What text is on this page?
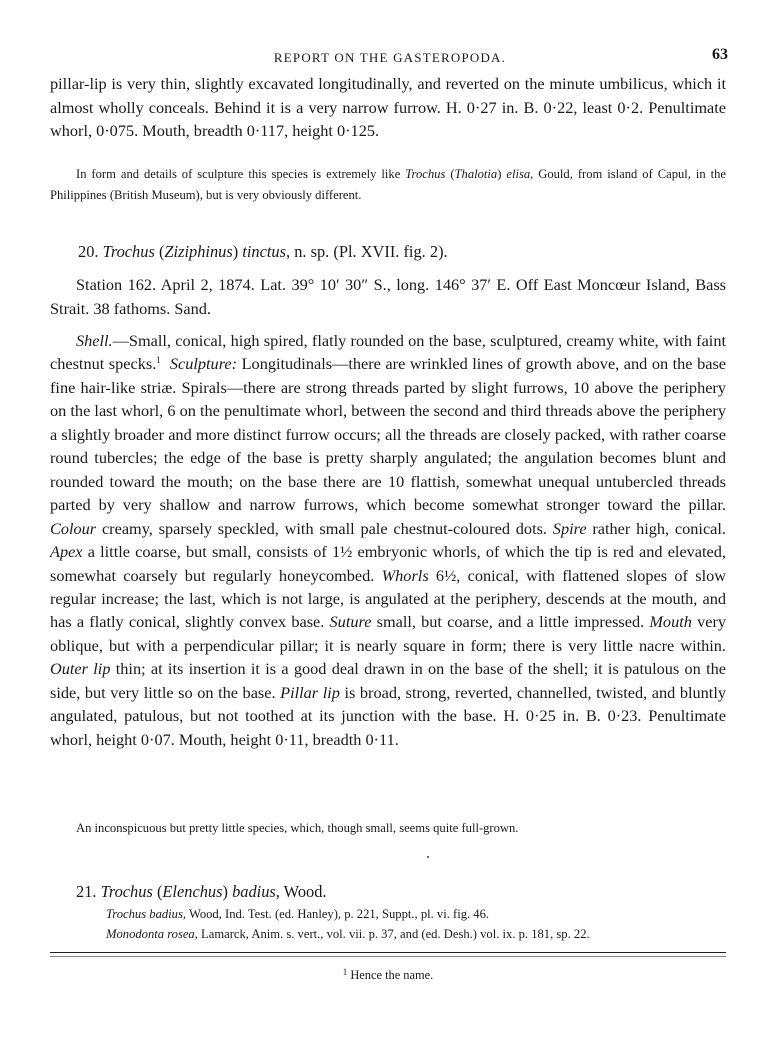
REPORT ON THE GASTEROPODA.	63

pillar-lip is very thin, slightly excavated longitudinally, and reverted on the minute umbilicus, which it almost wholly conceals. Behind it is a very narrow furrow. H. 0·27 in. B. 0·22, least 0·2. Penultimate whorl, 0·075. Mouth, breadth 0·117, height 0·125.

In form and details of sculpture this species is extremely like Trochus (Thalotia) elisa, Gould, from island of Capul, in the Philippines (British Museum), but is very obviously different.

20. Trochus (Ziziphinus) tinctus, n. sp. (Pl. XVII. fig. 2).

Station 162. April 2, 1874. Lat. 39° 10′ 30″ S., long. 146° 37′ E. Off East Moncœur Island, Bass Strait. 38 fathoms. Sand.

Shell.—Small, conical, high spired, flatly rounded on the base, sculptured, creamy white, with faint chestnut specks.$^1$ Sculpture: Longitudinals—there are wrinkled lines of growth above, and on the base fine hair-like striæ. Spirals—there are strong threads parted by slight furrows, 10 above the periphery on the last whorl, 6 on the penultimate whorl, between the second and third threads above the periphery a slightly broader and more distinct furrow occurs; all the threads are closely packed, with rather coarse round tubercles; the edge of the base is pretty sharply angulated; the angulation becomes blunt and rounded toward the mouth; on the base there are 10 flattish, somewhat unequal untubercled threads parted by very shallow and narrow furrows, which become somewhat stronger toward the pillar. Colour creamy, sparsely speckled, with small pale chestnut-coloured dots. Spire rather high, conical. Apex a little coarse, but small, consists of 1½ embryonic whorls, of which the tip is red and elevated, somewhat coarsely but regularly honeycombed. Whorls 6½, conical, with flattened slopes of slow regular increase; the last, which is not large, is angulated at the periphery, descends at the mouth, and has a flatly conical, slightly convex base. Suture small, but coarse, and a little impressed. Mouth very oblique, but with a perpendicular pillar; it is nearly square in form; there is very little nacre within. Outer lip thin; at its insertion it is a good deal drawn in on the base of the shell; it is patulous on the side, but very little so on the base. Pillar lip is broad, strong, reverted, channelled, twisted, and bluntly angulated, patulous, but not toothed at its junction with the base. H. 0·25 in. B. 0·23. Penultimate whorl, height 0·07. Mouth, height 0·11, breadth 0·11.

An inconspicuous but pretty little species, which, though small, seems quite full-grown.

21. Trochus (Elenchus) badius, Wood.

Trochus badius, Wood, Ind. Test. (ed. Hanley), p. 221, Suppt., pl. vi. fig. 46.
Monodonta rosea, Lamarck, Anim. s. vert., vol. vii. p. 37, and (ed. Desh.) vol. ix. p. 181, sp. 22.
$^1$ Hence the name.
